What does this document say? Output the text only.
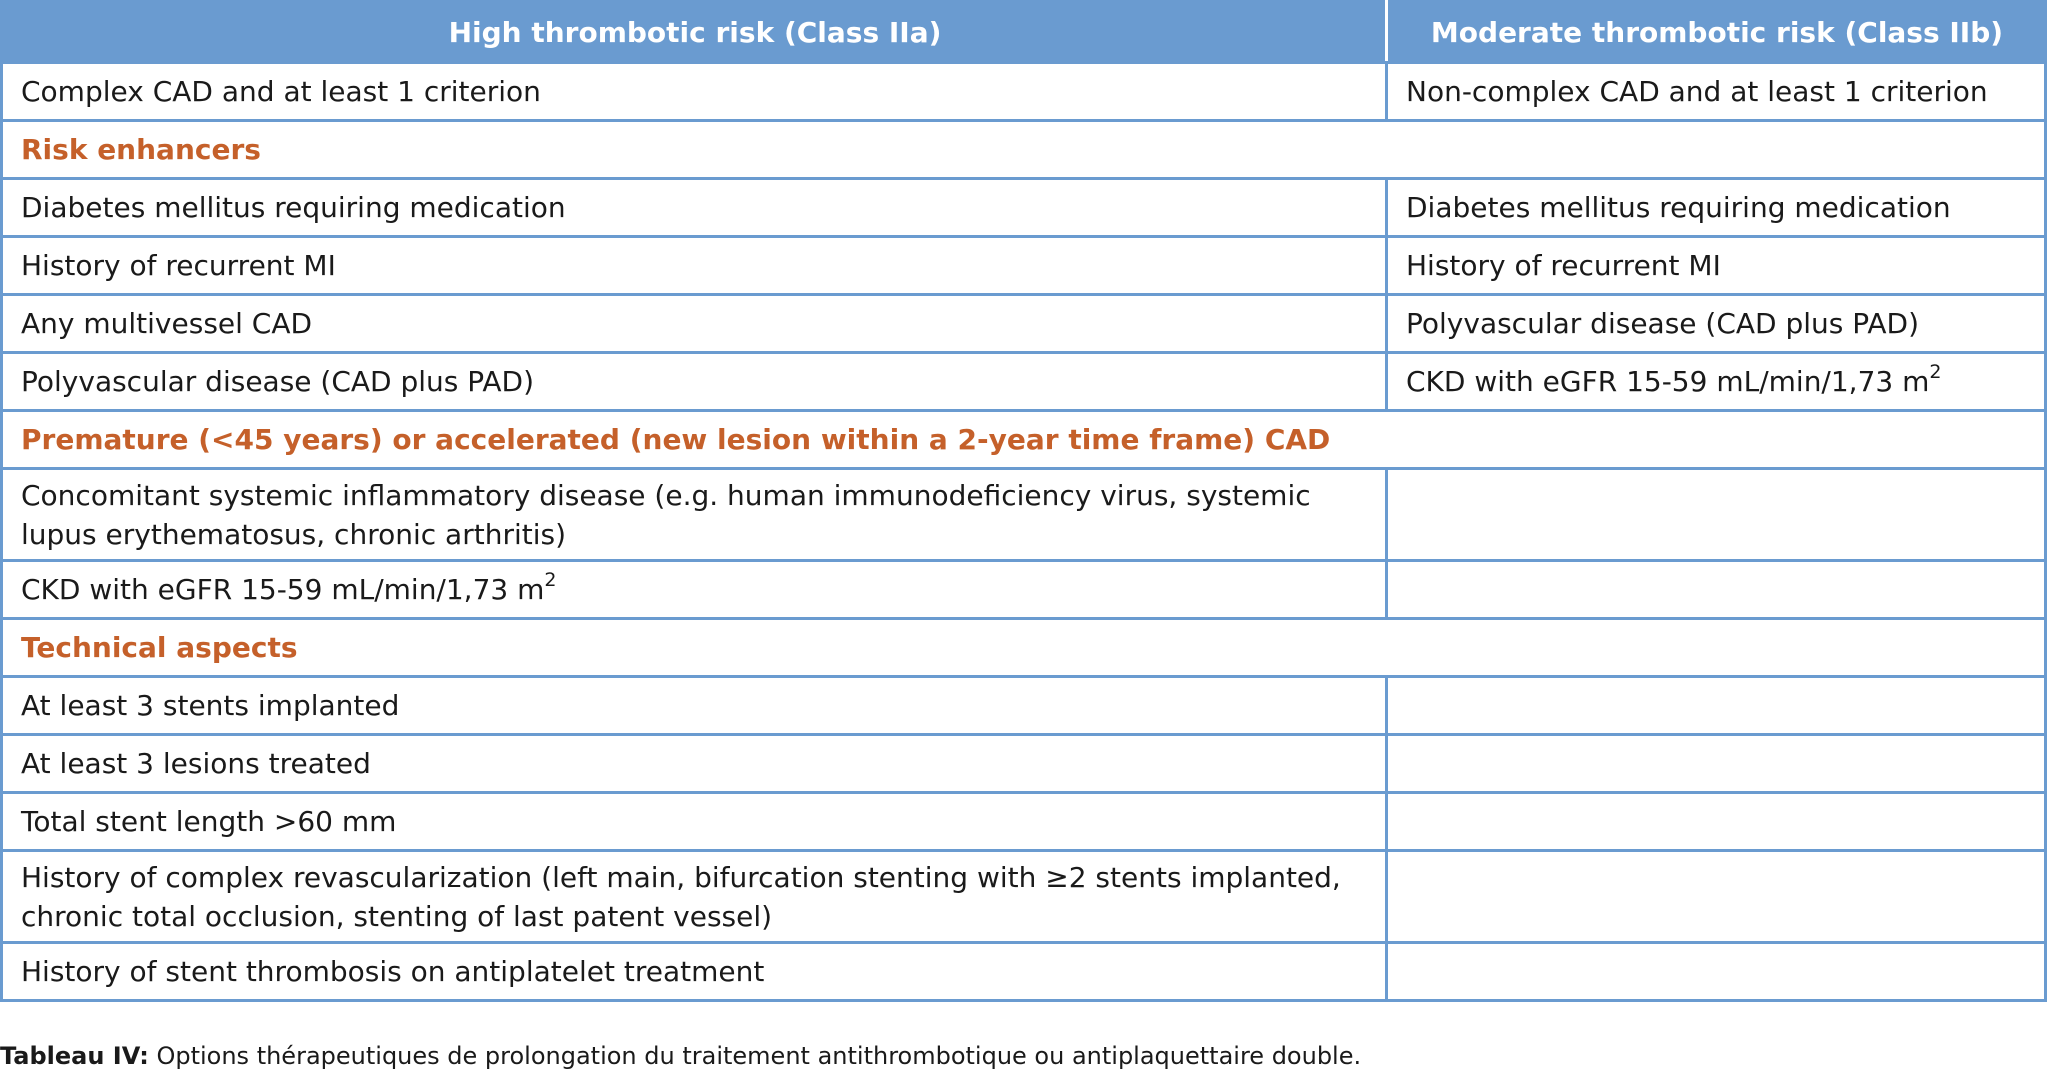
High thrombotic risk (Class IIa)	Moderate thrombotic risk (Class IIb)
Complex CAD and at least 1 criterion	Non-complex CAD and at least 1 criterion
Risk enhancers	
Diabetes mellitus requiring medication	Diabetes mellitus requiring medication
History of recurrent MI	History of recurrent MI
Any multivessel CAD	Polyvascular disease (CAD plus PAD)
Polyvascular disease (CAD plus PAD)	CKD with eGFR 15-59 mL/min/1,73 $m^2$
Premature (<45 years) or accelerated (new lesion within a 2-year time frame) CAD	
Concomitant systemic inflammatory disease (e.g. human immunodeficiency virus, systemic lupus erythematosus, chronic arthritis)	
CKD with eGFR 15-59 mL/min/1,73 $m^2$	
Technical aspects	
At least 3 stents implanted	
At least 3 lesions treated	
Total stent length >60 mm	
History of complex revascularization (left main, bifurcation stenting with ≥2 stents implanted, chronic total occlusion, stenting of last patent vessel)	
History of stent thrombosis on antiplatelet treatment	
Tableau IV: Options thérapeutiques de prolongation du traitement antithrombotique ou antiplaquettaire double.
